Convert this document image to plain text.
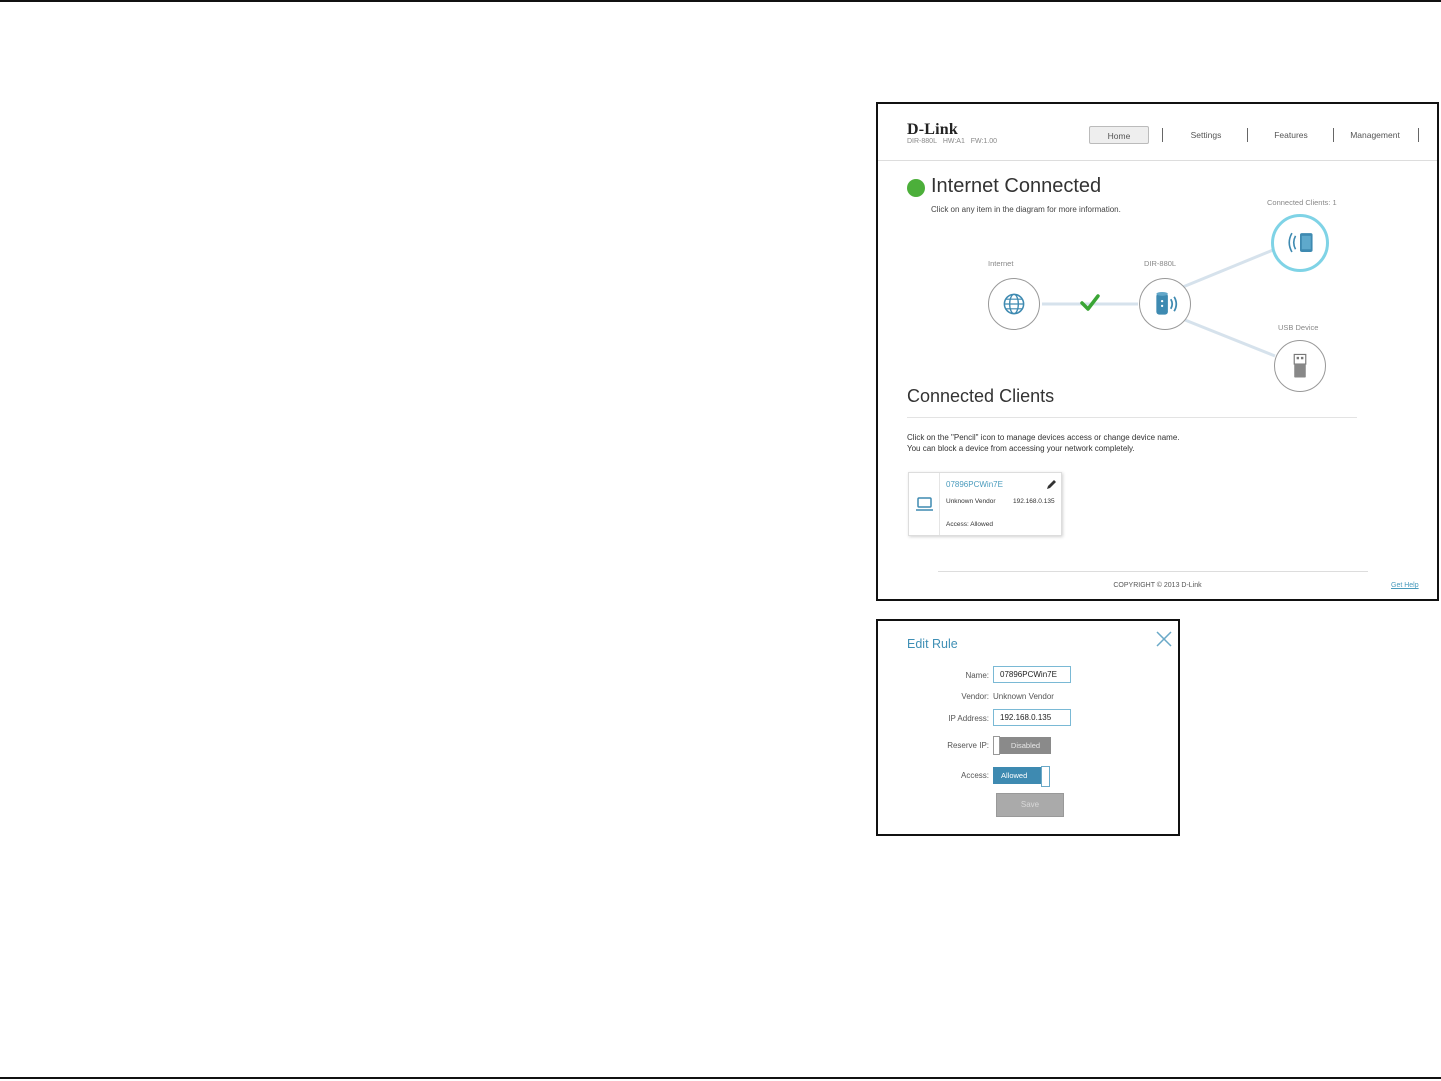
D-Link
DIR-880L HW:A1 FW:1.00
Home	Settings	Features	Management
Internet Connected
Click on any item in the diagram for more information.
Internet	DIR-880L
Connected Clients: 1
USB Device
Connected Clients
Click on the "Pencil" icon to manage devices access or change device name.
You can block a device from accessing your network completely.
07896PCWin7E
Unknown Vendor	192.168.0.135
Access: Allowed
COPYRIGHT © 2013 D-Link	Get Help
Edit Rule
Name:
07896PCWin7E
Vendor: Unknown Vendor
IP Address:
192.168.0.135
Reserve IP:	Disabled
Access:	Allowed
Save
